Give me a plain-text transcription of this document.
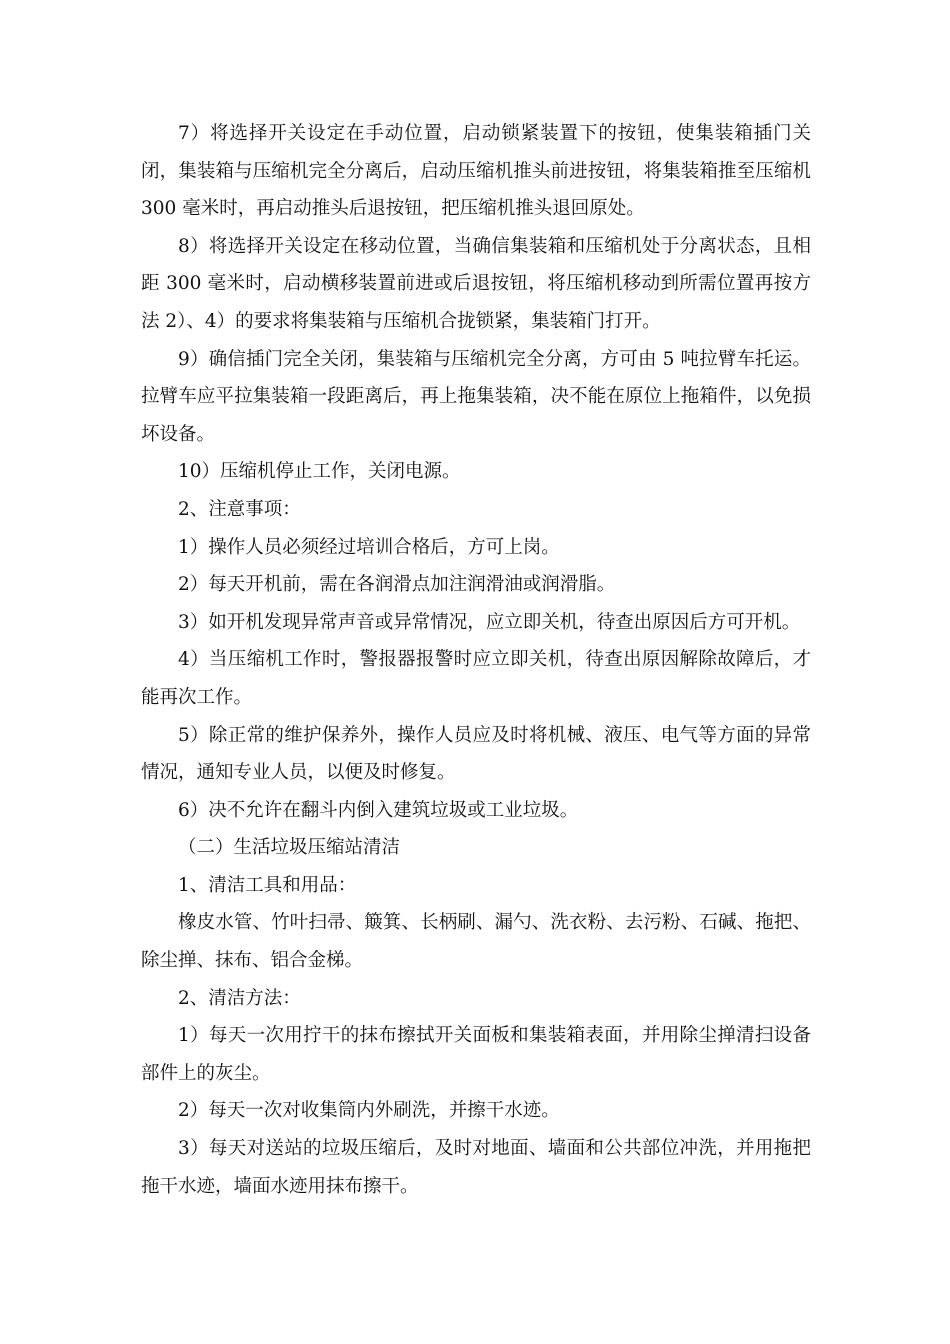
7）将选择开关设定在手动位置，启动锁紧装置下的按钮，使集装箱插门关闭，集装箱与压缩机完全分离后，启动压缩机推头前进按钮，将集装箱推至压缩机 300 毫米时，再启动推头后退按钮，把压缩机推头退回原处。

8）将选择开关设定在移动位置，当确信集装箱和压缩机处于分离状态，且相距 300 毫米时，启动横移装置前进或后退按钮，将压缩机移动到所需位置再按方法 2）、4）的要求将集装箱与压缩机合拢锁紧，集装箱门打开。

9）确信插门完全关闭，集装箱与压缩机完全分离，方可由 5 吨拉臂车托运。拉臂车应平拉集装箱一段距离后，再上拖集装箱，决不能在原位上拖箱件，以免损坏设备。

10）压缩机停止工作，关闭电源。

2、注意事项：

1）操作人员必须经过培训合格后，方可上岗。

2）每天开机前，需在各润滑点加注润滑油或润滑脂。

3）如开机发现异常声音或异常情况，应立即关机，待查出原因后方可开机。

4）当压缩机工作时，警报器报警时应立即关机，待查出原因解除故障后，才能再次工作。

5）除正常的维护保养外，操作人员应及时将机械、液压、电气等方面的异常情况，通知专业人员，以便及时修复。

6）决不允许在翻斗内倒入建筑垃圾或工业垃圾。

（二）生活垃圾压缩站清洁

1、清洁工具和用品：

橡皮水管、竹叶扫帚、簸箕、长柄刷、漏勺、洗衣粉、去污粉、石碱、拖把、除尘掸、抹布、铝合金梯。

2、清洁方法：

1）每天一次用拧干的抹布擦拭开关面板和集装箱表面，并用除尘掸清扫设备部件上的灰尘。

2）每天一次对收集筒内外刷洗，并擦干水迹。

3）每天对送站的垃圾压缩后，及时对地面、墙面和公共部位冲洗，并用拖把拖干水迹，墙面水迹用抹布擦干。
